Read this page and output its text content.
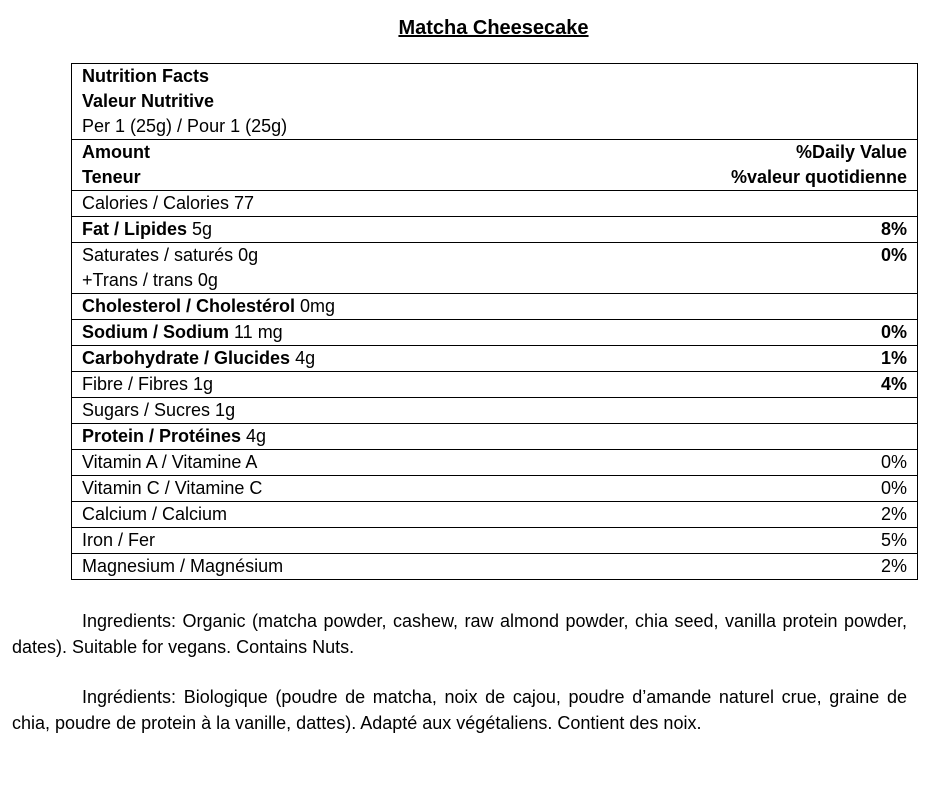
Matcha Cheesecake
Nutrition Facts
Valeur Nutritive
Per 1 (25g) / Pour 1 (25g)
Amount	%Daily Value
Teneur	%valeur quotidienne
Calories / Calories 77
Fat / Lipides 5g	8%
Saturates / saturés 0g	0%
+Trans / trans 0g
Cholesterol / Cholestérol 0mg
Sodium / Sodium 11 mg	0%
Carbohydrate / Glucides 4g	1%
Fibre / Fibres 1g	4%
Sugars / Sucres 1g
Protein / Protéines 4g
Vitamin A / Vitamine A	0%
Vitamin C / Vitamine C	0%
Calcium / Calcium	2%
Iron / Fer	5%
Magnesium / Magnésium	2%
Ingredients: Organic (matcha powder, cashew, raw almond powder, chia seed, vanilla protein powder, dates). Suitable for vegans. Contains Nuts.
Ingrédients: Biologique (poudre de matcha, noix de cajou, poudre d’amande naturel crue, graine de chia, poudre de protein à la vanille, dattes). Adapté aux végétaliens. Contient des noix.
